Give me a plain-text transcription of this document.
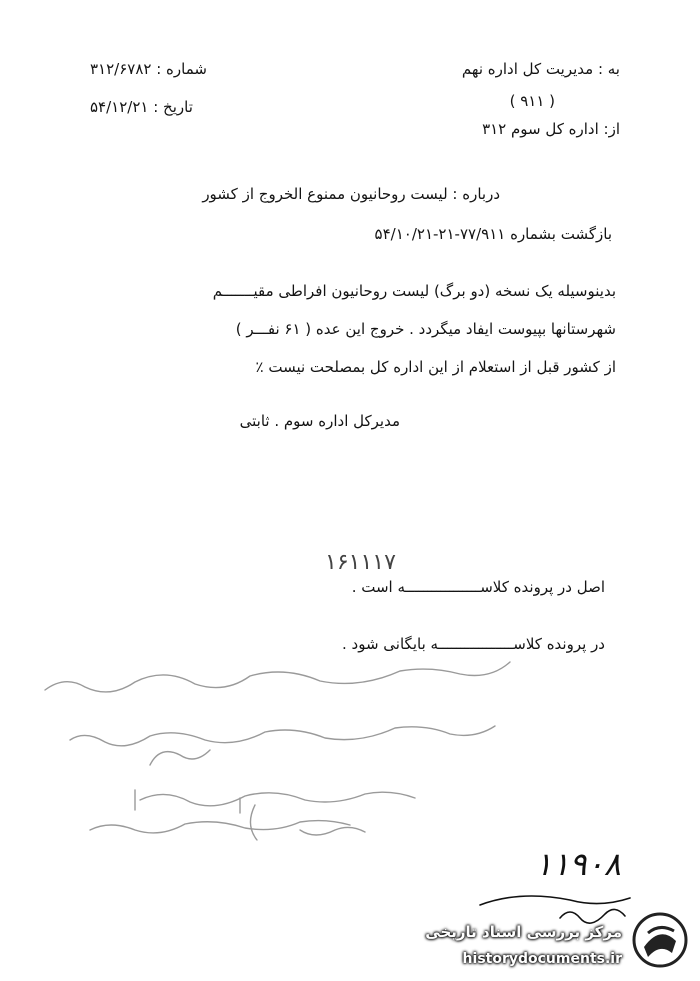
به : مدیریت کل اداره نهم
( ۹۱۱ )
از: اداره کل سوم ۳۱۲
شماره : ۳۱۲/۶۷۸۲
تاریخ : ۵۴/۱۲/۲۱
درباره : لیست روحانیون ممنوع الخروج از کشور
بازگشت بشماره ۷۷/۹۱۱-۲۱-۵۴/۱۰/۲۱
بدینوسیله یک نسخه (دو برگ) لیست روحانیون افراطی مقیـــــــم
شهرستانها بپیوست ایفاد میگردد . خروج این عده ( ۶۱ نفـــر )
از کشور قبل از استعلام از این اداره کل بمصلحت نیست ٪
مدیرکل اداره سوم . ثابتی
۱۶۱۱۱۷
اصل در پرونده کلاســـــــــــــــــه است .
در پرونده کلاســـــــــــــــــه بایگانی شود .
۱۱۹۰۸
مرکز بررسی اسناد تاریخی
historydocuments.ir
